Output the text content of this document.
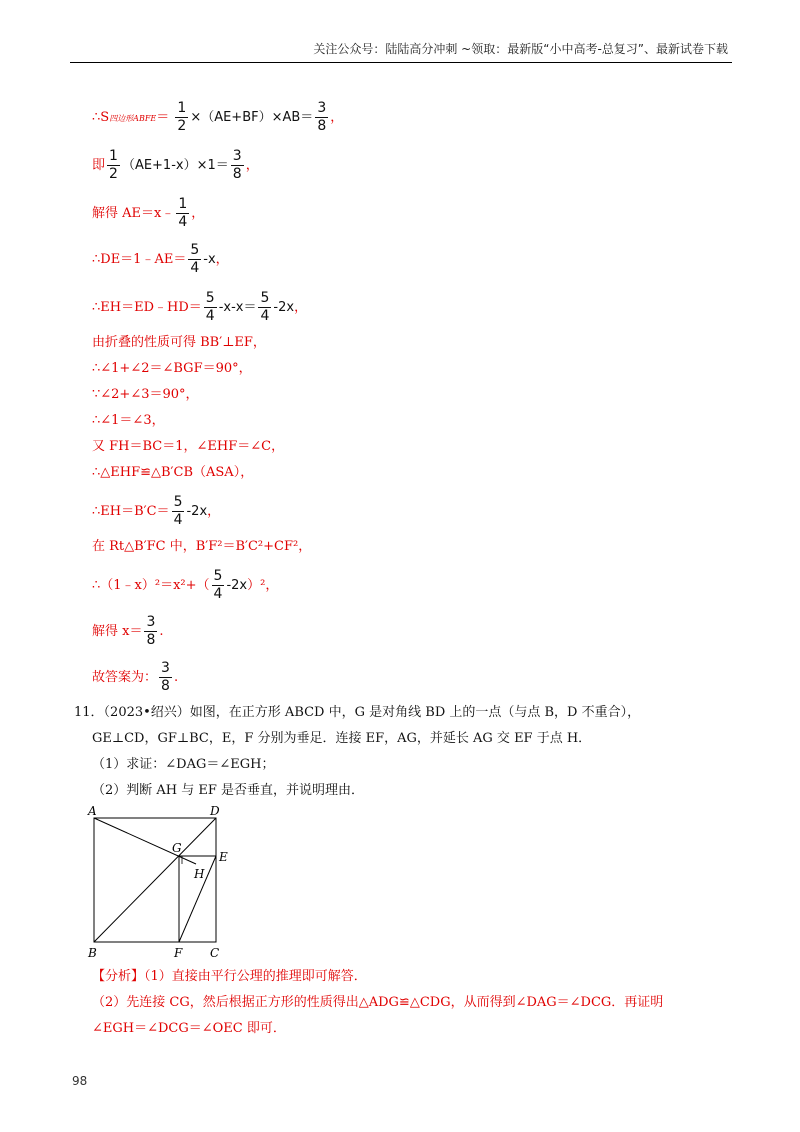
关注公众号：陆陆高分冲刺 ~领取：最新版“小中高考-总复习”、最新试卷下载
∴S四边形ABFE＝ $\frac{1}{2} \times(AE+BF)\times AB= \frac{3}{8}$ ，
即 $\frac{1}{2} (AE+1-x)\times 1= \frac{3}{8}$ ，
解得 AE＝x﹣ $\frac{1}{4}$ ，
∴DE＝1﹣AE＝ $\frac{5}{4} -x$，
∴EH＝ED﹣HD＝ $\frac{5}{4} -x-x= \frac{5}{4} -2x$，
由折叠的性质可得 BB′⊥EF，
∴∠1+∠2＝∠BGF＝90°，
∵∠2+∠3＝90°，
∴∠1＝∠3，
又 FH＝BC＝1，∠EHF＝∠C，
∴△EHF≌△B′CB（ASA），
∴EH＝B′C＝ $\frac{5}{4} -2x$，
在 Rt△B′FC 中，B′F²＝B′C²+CF²，
∴（1﹣x）²＝x²+（ $\frac{5}{4} -2x)^2$，
解得 $x= \frac{3}{8}$ .
故答案为： $\frac{3}{8}$ .
11．（2023•绍兴）如图，在正方形 ABCD 中，G 是对角线 BD 上的一点（与点 B，D 不重合），
GE⊥CD，GF⊥BC，E，F 分别为垂足．连接 EF，AG，并延长 AG 交 EF 于点 H．
（1）求证：∠DAG＝∠EGH；
（2）判断 AH 与 EF 是否垂直，并说明理由．
A	D
G
E
H
B	F C
【分析】（1）直接由平行公理的推理即可解答．
（2）先连接 CG，然后根据正方形的性质得出△ADG≌△CDG，从而得到∠DAG＝∠DCG．再证明
∠EGH＝∠DCG＝∠OEC 即可．
98
